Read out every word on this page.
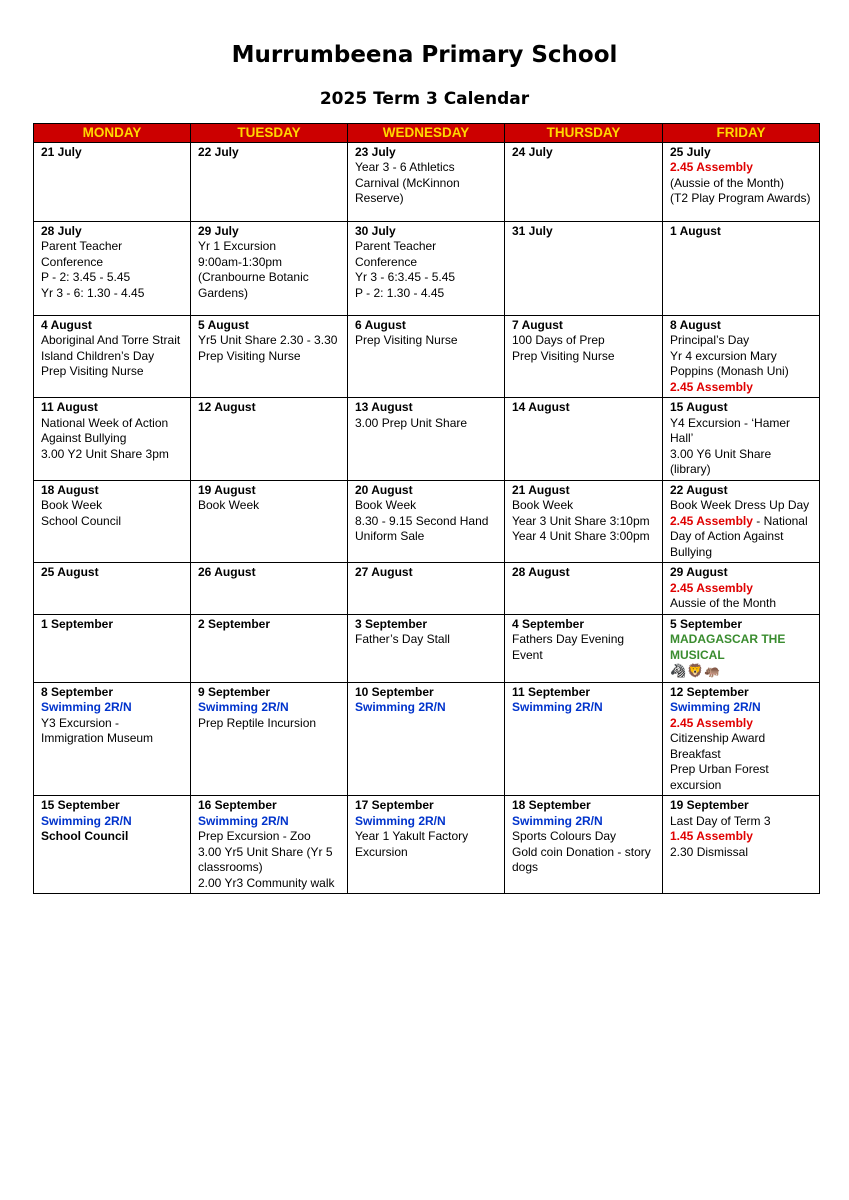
Murrumbeena Primary School
2025 Term 3 Calendar
MONDAY	TUESDAY	WEDNESDAY	THURSDAY	FRIDAY

21 July	22 July	23 July
Year 3 - 6 Athletics Carnival (McKinnon Reserve)	24 July	25 July
2.45 Assembly
(Aussie of the Month)
(T2 Play Program Awards)

28 July
Parent Teacher Conference
P - 2: 3.45 - 5.45
Yr 3 - 6: 1.30 - 4.45	29 July
Yr 1 Excursion
9:00am-1:30pm
(Cranbourne Botanic Gardens)	30 July
Parent Teacher Conference
Yr 3 - 6:3.45 - 5.45
P - 2: 1.30 - 4.45	31 July	1 August

4 August
Aboriginal And Torre Strait Island Children’s Day
Prep Visiting Nurse	5 August
Yr5 Unit Share 2.30 - 3.30
Prep Visiting Nurse	6 August
Prep Visiting Nurse	7 August
100 Days of Prep
Prep Visiting Nurse	8 August
Principal’s Day
Yr 4 excursion Mary Poppins (Monash Uni)
2.45 Assembly

11 August
National Week of Action Against Bullying
3.00 Y2 Unit Share 3pm	12 August	13 August
3.00 Prep Unit Share	14 August	15 August
Y4 Excursion - ‘Hamer Hall’
3.00 Y6 Unit Share (library)

18 August
Book Week
School Council	19 August
Book Week	20 August
Book Week
8.30 - 9.15 Second Hand Uniform Sale	21 August
Book Week
Year 3 Unit Share 3:10pm
Year 4 Unit Share 3:00pm	22 August
Book Week Dress Up Day
2.45 Assembly - National Day of Action Against Bullying

25 August	26 August	27 August	28 August	29 August
2.45 Assembly
Aussie of the Month

1 September	2 September	3 September
Father’s Day Stall	4 September
Fathers Day Evening Event	5 September
MADAGASCAR THE MUSICAL
🦓🦁🦛

8 September
Swimming 2R/N
Y3 Excursion - Immigration Museum	9 September
Swimming 2R/N
Prep Reptile Incursion	10 September
Swimming 2R/N	11 September
Swimming 2R/N	12 September
Swimming 2R/N
2.45 Assembly
Citizenship Award Breakfast
Prep Urban Forest excursion

15 September
Swimming 2R/N
School Council	16 September
Swimming 2R/N
Prep Excursion - Zoo
3.00 Yr5 Unit Share (Yr 5 classrooms)
2.00 Yr3 Community walk	17 September
Swimming 2R/N
Year 1 Yakult Factory Excursion	18 September
Swimming 2R/N
Sports Colours Day
Gold coin Donation - story dogs	19 September
Last Day of Term 3
1.45 Assembly
2.30 Dismissal
